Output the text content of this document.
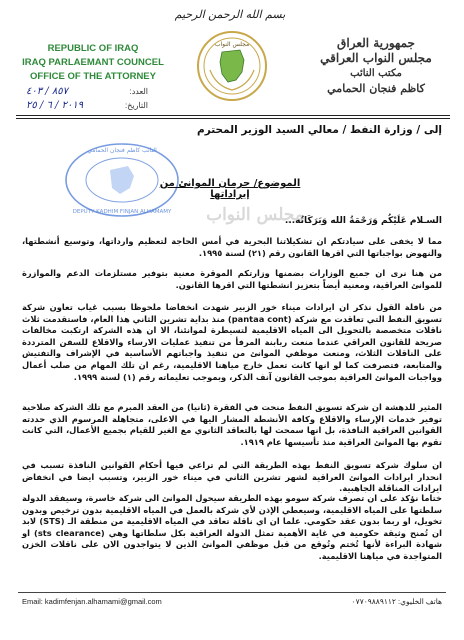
بسم الله الرحمن الرحيم
REPUBLIC OF IRAQ
IRAQ PARLAEMANT COUNCEL
OFFICE OF THE ATTORNEY
مجلس النواب	جمهورية العراق
مجلس النواب العراقي
مكتب النائب
كاظم فنجان الحمامي
٨٥٧ / ٤٠٣	العدد:
٢٠١٩ / ٦ / ٢٥	التاريخ:
إلى / وزارة النفط / معالي السيد الوزير المحترم
النائب كاظم فنجان الحمامي
DEPUTY KADHIM FINJAN ALHAMAMY
الموضوع/ حرمان الموانئ من إيراداتها
مجلس النواب
السـلام عَلَيْكُم وَرَحْمَةُ الله وَبَرَكَاتُه...
مما لا يخفى على سيادتكم ان تشكيلاتنا البحرية في أمس الحاجة لتعظيم وارداتها، وتوسيع أنشطتها، والنهوض بواجباتها التي اقرها القانون رقم (٢١) لسنة ١٩٩٥.
من هنا نرى ان جميع الوزارات بضمنها وزارتكم الموقرة معنية بتوفير مستلزمات الدعم والموازرة للموانئ العراقية، ومعنية أيضاً بتعزيز انشطتها التي اقرها القانون.
من نافلة القول نذكر ان ايرادات ميناء خور الزبير شهدت انخفاضا ملحوظا بسبب غياب تعاون شركة تسويق النفط التي تعاقدت مع شركة (pantaa cont) منذ بداية تشرين الثاني هذا العام، فاستقدمت ثلاث ناقلات متخصصة بالتحويل الى المياه الاقليمية لتسيطرة لموانئنا، الا ان هذه الشركة ارتكبت مخالفات صريحة للقانون العراقي عندما منعت ربابنة المرفأ من تنفيذ عمليات الارساء والاقلاع للسفن المترددة على الناقلات الثلاث، ومنعت موظفي الموانئ من تنفيذ واجباتهم الأساسية في الإشراف والتفتيش والمتابعة، فتصرفت كما لو انها كانت تعمل خارج مياهنا الاقليمية، رغم ان تلك المهام من صلب أعمال وواجبات الموانئ العراقية بموجب القانون آنف الذكر، وبموجب تعليماته رقم (١) لسنة ١٩٩٩.
المثير للدهشة ان شركة تسويق النفط منحت في الفقرة (ثانيا) من العقد المبرم مع تلك الشركة صلاحية توفير خدمات الإرساء والاقلاع وكافة الأنشطة المشار اليها في الاعلى، متجاهلة المرسوم الذي حددته القوانين العراقية النافذة، بل انها سمحت لها بالتعاقد الثانوي مع الغير للقيام بجميع الأعمال، التي كانت تقوم بها الموانئ العراقية منذ تأسيسها عام ١٩١٩.
ان سلوك شركة تسويق النفط بهذه الطريقة التي لم تراعي فيها أحكام القوانين النافذة تسبب في انحدار ايرادات الموانئ العراقية لشهر تشرين الثاني في ميناء خور الزبير، وتسبب ايضا في انخفاض ايرادات المناقلة الجاهبية.
ختاما نؤكد على ان تصرف شركة سومو بهذه الطريقة سيحول الموانئ الى شركة خاسرة، وسيفقد الدولة سلطتها على المياه الاقليمية، وسيعطي الإذن لأي شركة بالعمل في المياه الاقليمية بدون ترخيص وبدون تخويل، او ربما بدون عقد حكومي. علما ان اي ناقلة تعاقد في المياه الاقليمية من منطقة الـ (STS) لابد ان تُمنح وثيقة حكومية في غاية الأهمية تمثل الدولة العراقية بكل سلطاتها وهي (sts clearance) او شهادة البراءة لأنها تُختم وتُوقع من قبل موظفي الموانئ الذين لا يتواجدون الان على ناقلات الخزن المتواجدة في مياهنا الاقليمية.
Email: kadimfenjan.alhamami@gmail.com	هاتف الخليوي: ٠٧٧٠٩٨٨٩١١٢
